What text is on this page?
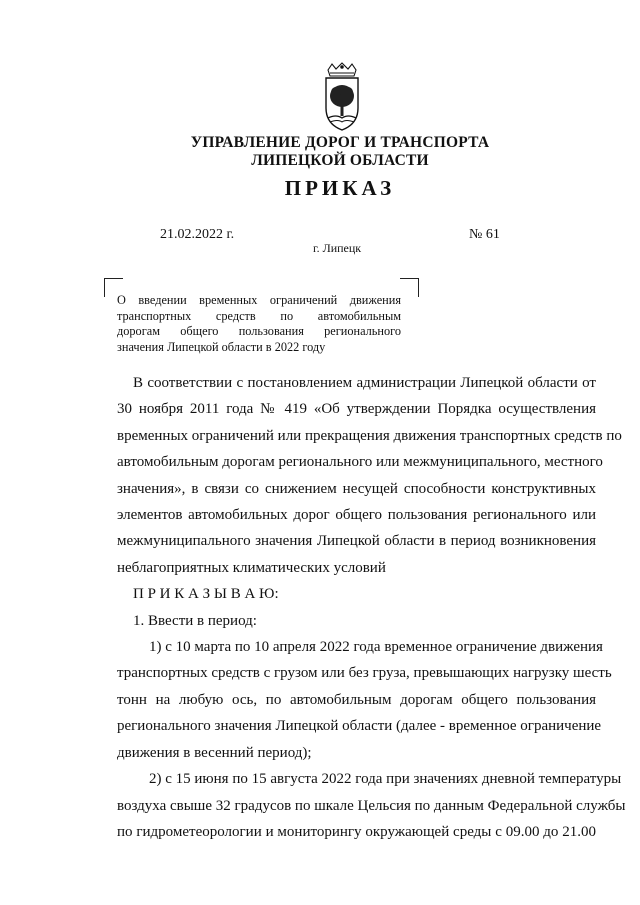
УПРАВЛЕНИЕ ДОРОГ И ТРАНСПОРТА
ЛИПЕЦКОЙ ОБЛАСТИ
ПРИКАЗ
21.02.2022 г.
г. Липецк
№ 61
О введении временных ограничений движения
транспортных средств по автомобильным
дорогам общего пользования регионального
значения Липецкой области в 2022 году

В соответствии с постановлением администрации Липецкой области от
30 ноября 2011 года № 419 «Об утверждении Порядка осуществления
временных ограничений или прекращения движения транспортных средств по
автомобильным дорогам регионального или межмуниципального, местного
значения», в связи со снижением несущей способности конструктивных
элементов автомобильных дорог общего пользования регионального или
межмуниципального значения Липецкой области в период возникновения
неблагоприятных климатических условий

П Р И К А З Ы В А Ю:

1. Ввести в период:

1) с 10 марта по 10 апреля 2022 года временное ограничение движения
транспортных средств с грузом или без груза, превышающих нагрузку шесть
тонн на любую ось, по автомобильным дорогам общего пользования
регионального значения Липецкой области (далее - временное ограничение
движения в весенний период);

2) с 15 июня по 15 августа 2022 года при значениях дневной температуры
воздуха свыше 32 градусов по шкале Цельсия по данным Федеральной службы
по гидрометеорологии и мониторингу окружающей среды с 09.00 до 21.00
